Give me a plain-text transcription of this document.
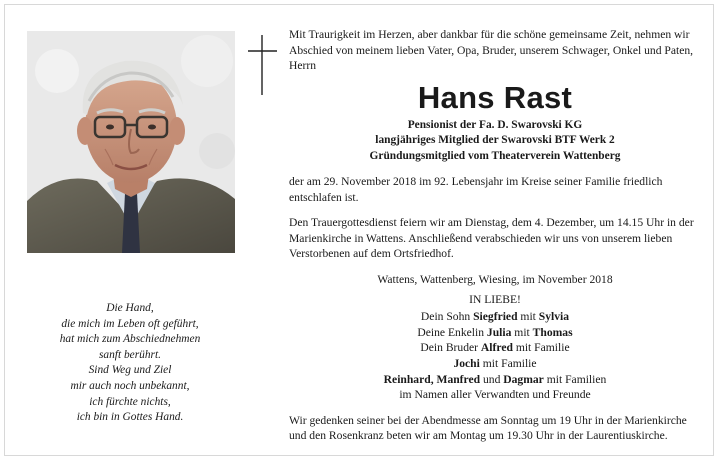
Mit Traurigkeit im Herzen, aber dankbar für die schöne gemeinsame Zeit, nehmen wir Abschied von meinem lieben Vater, Opa, Bruder, unserem Schwager, Onkel und Paten, Herrn
Hans Rast
Pensionist der Fa. D. Swarovski KG
langjähriges Mitglied der Swarovski BTF Werk 2
Gründungsmitglied vom Theaterverein Wattenberg
der am 29. November 2018 im 92. Lebensjahr im Kreise seiner Familie friedlich entschlafen ist.
Den Trauergottesdienst feiern wir am Dienstag, dem 4. Dezember, um 14.15 Uhr in der Marienkirche in Wattens. Anschließend verabschieden wir uns von unserem lieben Verstorbenen auf dem Ortsfriedhof.
Wattens, Wattenberg, Wiesing, im November 2018
IN LIEBE!
Dein Sohn Siegfried mit Sylvia
Deine Enkelin Julia mit Thomas
Dein Bruder Alfred mit Familie
Jochi mit Familie
Reinhard, Manfred und Dagmar mit Familien
im Namen aller Verwandten und Freunde
Wir gedenken seiner bei der Abendmesse am Sonntag um 19 Uhr in der Marienkirche und den Rosenkranz beten wir am Montag um 19.30 Uhr in der Laurentiuskirche.
Die Hand,
die mich im Leben oft geführt,
hat mich zum Abschiednehmen
sanft berührt.
Sind Weg und Ziel
mir auch noch unbekannt,
ich fürchte nichts,
ich bin in Gottes Hand.
